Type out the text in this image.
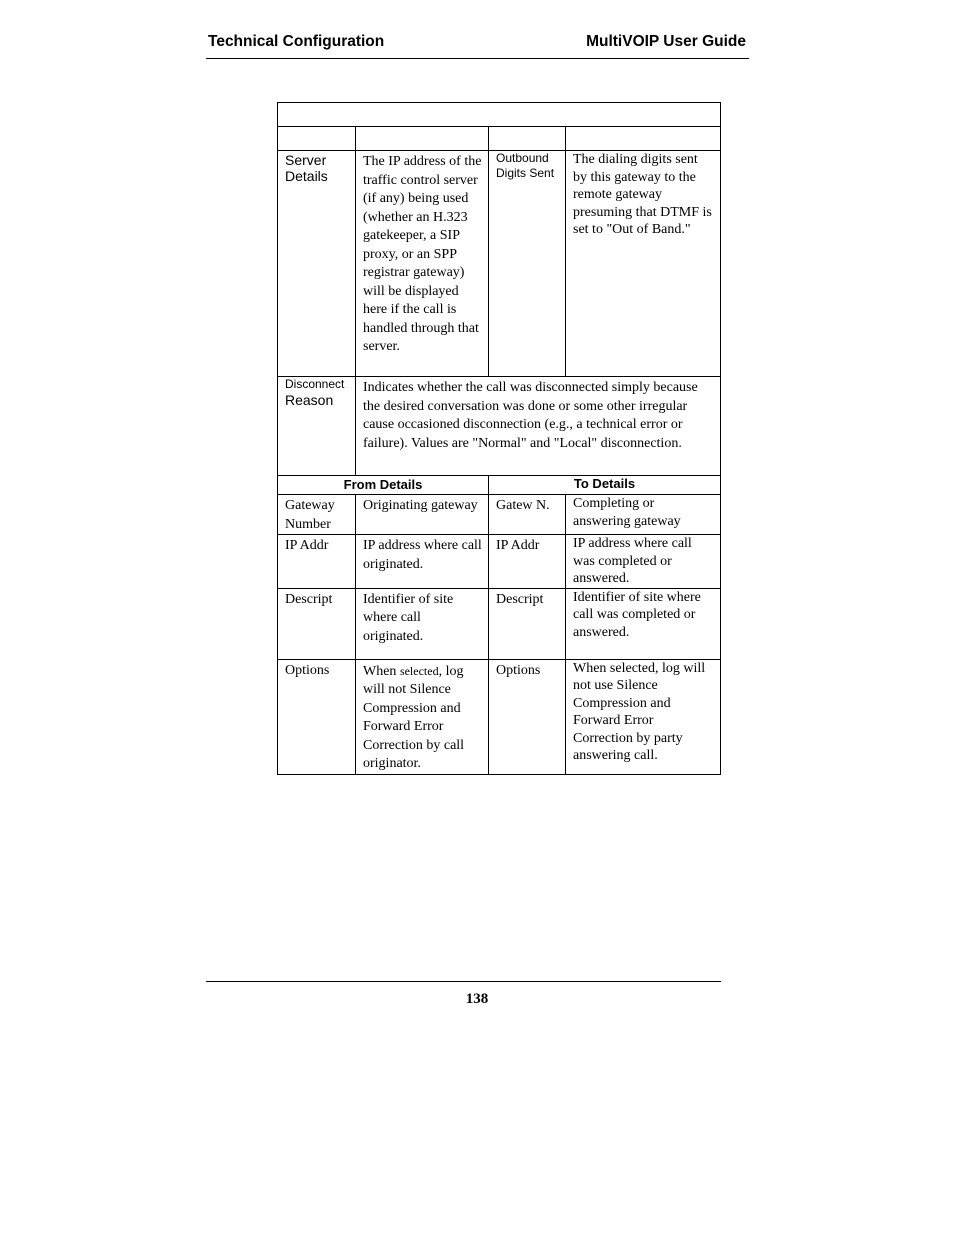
Technical Configuration	MultiVOIP User Guide

Server Details	The IP address of the traffic control server (if any) being used (whether an H.323 gatekeeper, a SIP proxy, or an SPP registrar gateway) will be displayed here if the call is handled through that server.	Outbound Digits Sent	The dialing digits sent by this gateway to the remote gateway presuming that DTMF is set to "Out of Band."

Disconnect
Reason	Indicates whether the call was disconnected simply because the desired conversation was done or some other irregular cause occasioned disconnection (e.g., a technical error or failure). Values are "Normal" and "Local" disconnection.		

From Details		To Details	

Gateway Number	Originating gateway	Gatew N.	Completing or answering gateway

IP Addr	IP address where call originated.	IP Addr	IP address where call was completed or answered.

Descript	Identifier of site where call originated.	Descript	Identifier of site where call was completed or answered.

Options	When selected, log will not Silence Compression and Forward Error Correction by call originator.	Options	When selected, log will not use Silence Compression and Forward Error Correction by party answering call.
138
